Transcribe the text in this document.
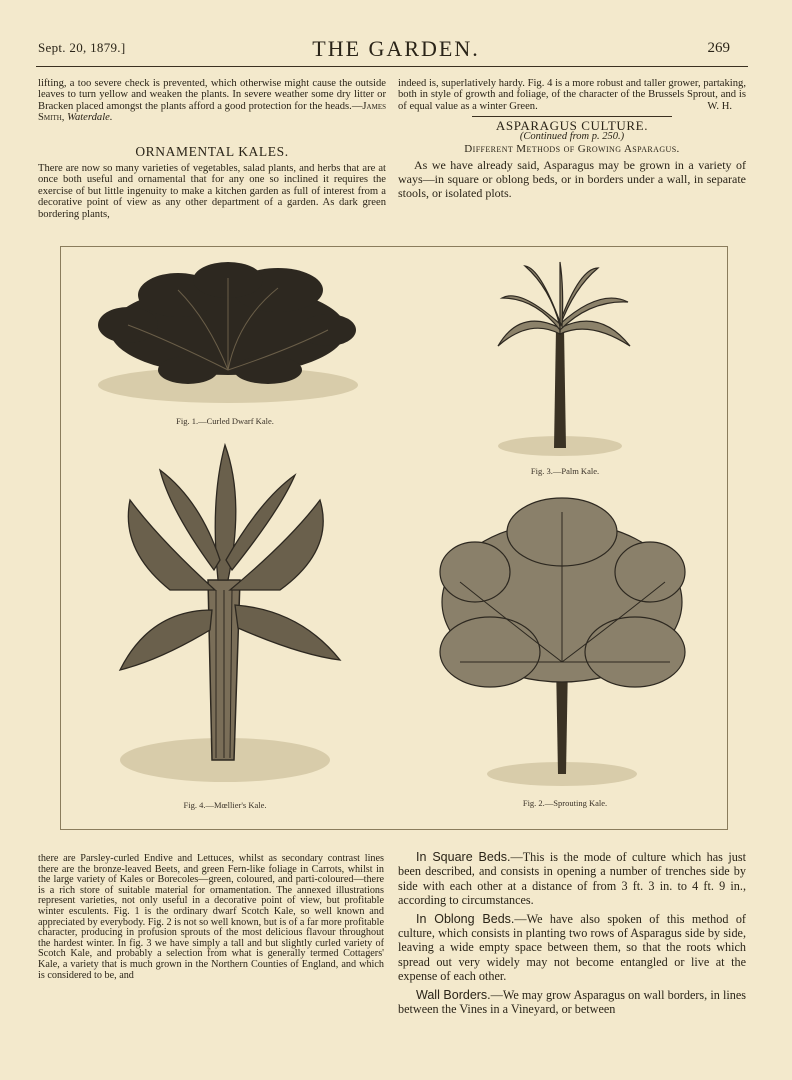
Sept. 20, 1879.]	THE GARDEN.	269
lifting, a too severe check is prevented, which otherwise might cause the outside leaves to turn yellow and weaken the plants. In severe weather some dry litter or Bracken placed amongst the plants afford a good protection for the heads.—James Smith, Waterdale.
ORNAMENTAL KALES.
There are now so many varieties of vegetables, salad plants, and herbs that are at once both useful and ornamental that for any one so inclined it requires the exercise of but little ingenuity to make a kitchen garden as full of interest from a decorative point of view as any other department of a garden. As dark green bordering plants,
indeed is, superlatively hardy. Fig. 4 is a more robust and taller grower, partaking, both in style of growth and foliage, of the character of the Brussels Sprout, and is of equal value as a winter Green.	W. H.
ASPARAGUS CULTURE.
(Continued from p. 250.)
Different Methods of Growing Asparagus.
As we have already said, Asparagus may be grown in a variety of ways—in square or oblong beds, or in borders under a wall, in separate stools, or isolated plots.
Fig. 1.—Curled Dwarf Kale.
Fig. 3.—Palm Kale.
Fig. 4.—Mœllier's Kale.	Fig. 2.—Sprouting Kale.
there are Parsley-curled Endive and Lettuces, whilst as secondary contrast lines there are the bronze-leaved Beets, and green Fern-like foliage in Carrots, whilst in the large variety of Kales or Borecoles—green, coloured, and parti-coloured—there is a rich store of suitable material for ornamentation. The annexed illustrations represent varieties, not only useful in a decorative point of view, but profitable winter esculents. Fig. 1 is the ordinary dwarf Scotch Kale, so well known and appreciated by everybody. Fig. 2 is not so well known, but is of a far more profitable character, producing in profusion sprouts of the most delicious flavour throughout the hardest winter. In fig. 3 we have simply a tall and but slightly curled variety of Scotch Kale, and probably a selection from what is generally termed Cottagers' Kale, a variety that is much grown in the Northern Counties of England, and which is considered to be, and
In Square Beds.—This is the mode of culture which has just been described, and consists in opening a number of trenches side by side with each other at a distance of from 3 ft. 3 in. to 4 ft. 9 in., according to circumstances.
In Oblong Beds.—We have also spoken of this method of culture, which consists in planting two rows of Asparagus side by side, leaving a wide empty space between them, so that the roots which spread out very widely may not become entangled or live at the expense of each other.
Wall Borders.—We may grow Asparagus on wall borders, in lines between the Vines in a Vineyard, or between
